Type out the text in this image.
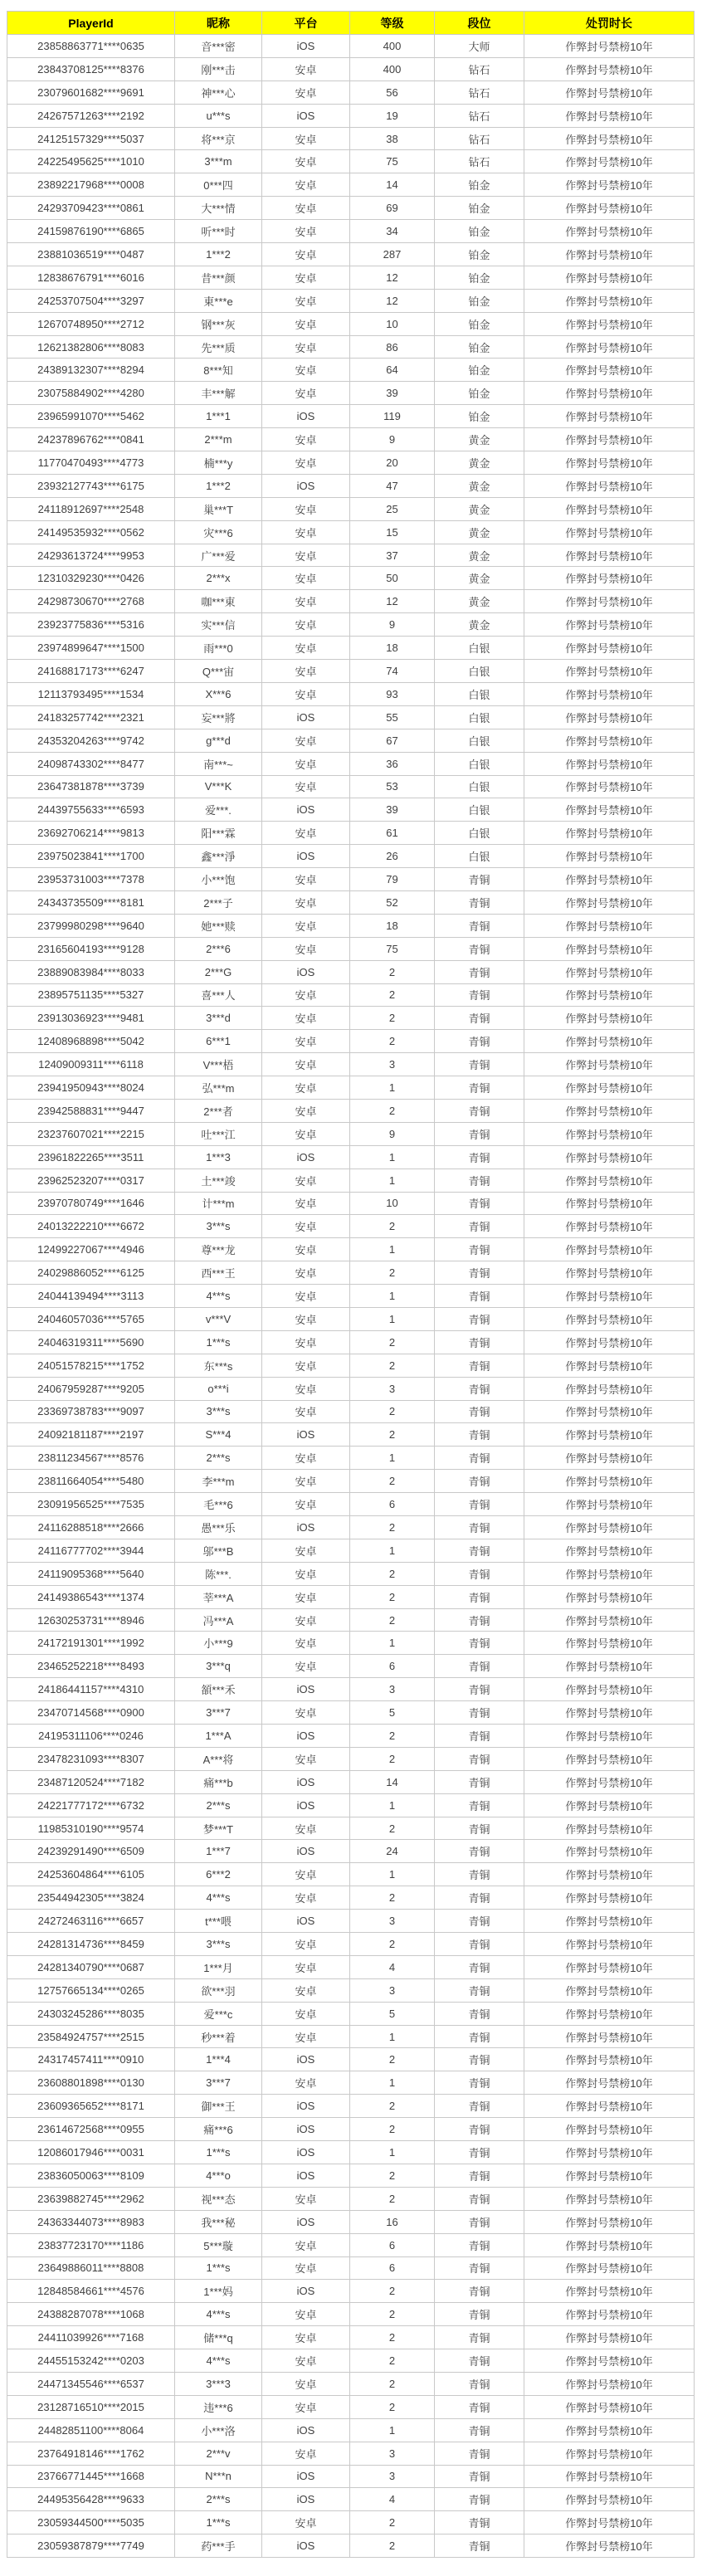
PlayerId	昵称	平台	等级	段位	处罚时长
23858863771****0635	音***密	iOS	400	大师	作弊封号禁榜10年
23843708125****8376	刚***击	安卓	400	钻石	作弊封号禁榜10年
23079601682****9691	神***心	安卓	56	钻石	作弊封号禁榜10年
24267571263****2192	u***s	iOS	19	钻石	作弊封号禁榜10年
24125157329****5037	将***京	安卓	38	钻石	作弊封号禁榜10年
24225495625****1010	3***m	安卓	75	钻石	作弊封号禁榜10年
23892217968****0008	0***四	安卓	14	铂金	作弊封号禁榜10年
24293709423****0861	大***情	安卓	69	铂金	作弊封号禁榜10年
24159876190****6865	听***时	安卓	34	铂金	作弊封号禁榜10年
23881036519****0487	1***2	安卓	287	铂金	作弊封号禁榜10年
12838676791****6016	昔***颜	安卓	12	铂金	作弊封号禁榜10年
24253707504****3297	東***e	安卓	12	铂金	作弊封号禁榜10年
12670748950****2712	钢***灰	安卓	10	铂金	作弊封号禁榜10年
12621382806****8083	先***质	安卓	86	铂金	作弊封号禁榜10年
24389132307****8294	8***知	安卓	64	铂金	作弊封号禁榜10年
23075884902****4280	丰***解	安卓	39	铂金	作弊封号禁榜10年
23965991070****5462	1***1	iOS	119	铂金	作弊封号禁榜10年
24237896762****0841	2***m	安卓	9	黄金	作弊封号禁榜10年
11770470493****4773	楠***y	安卓	20	黄金	作弊封号禁榜10年
23932127743****6175	1***2	iOS	47	黄金	作弊封号禁榜10年
24118912697****2548	巢***T	安卓	25	黄金	作弊封号禁榜10年
24149535932****0562	灾***6	安卓	15	黄金	作弊封号禁榜10年
24293613724****9953	广***爱	安卓	37	黄金	作弊封号禁榜10年
12310329230****0426	2***x	安卓	50	黄金	作弊封号禁榜10年
24298730670****2768	咖***東	安卓	12	黄金	作弊封号禁榜10年
23923775836****5316	实***信	安卓	9	黄金	作弊封号禁榜10年
23974899647****1500	雨***0	安卓	18	白银	作弊封号禁榜10年
24168817173****6247	Q***宙	安卓	74	白银	作弊封号禁榜10年
12113793495****1534	X***6	安卓	93	白银	作弊封号禁榜10年
24183257742****2321	妄***將	iOS	55	白银	作弊封号禁榜10年
24353204263****9742	g***d	安卓	67	白银	作弊封号禁榜10年
24098743302****8477	南***~	安卓	36	白银	作弊封号禁榜10年
23647381878****3739	V***K	安卓	53	白银	作弊封号禁榜10年
24439755633****6593	爱***.	iOS	39	白银	作弊封号禁榜10年
23692706214****9813	阳***霖	安卓	61	白银	作弊封号禁榜10年
23975023841****1700	鑫***淨	iOS	26	白银	作弊封号禁榜10年
23953731003****7378	小***饱	安卓	79	青铜	作弊封号禁榜10年
24343735509****8181	2***子	安卓	52	青铜	作弊封号禁榜10年
23799980298****9640	她***赎	安卓	18	青铜	作弊封号禁榜10年
23165604193****9128	2***6	安卓	75	青铜	作弊封号禁榜10年
23889083984****8033	2***G	iOS	2	青铜	作弊封号禁榜10年
23895751135****5327	喜***人	安卓	2	青铜	作弊封号禁榜10年
23913036923****9481	3***d	安卓	2	青铜	作弊封号禁榜10年
12408968898****5042	6***1	安卓	2	青铜	作弊封号禁榜10年
12409009311****6118	V***梧	安卓	3	青铜	作弊封号禁榜10年
23941950943****8024	弘***m	安卓	1	青铜	作弊封号禁榜10年
23942588831****9447	2***者	安卓	2	青铜	作弊封号禁榜10年
23237607021****2215	吐***江	安卓	9	青铜	作弊封号禁榜10年
23961822265****3511	1***3	iOS	1	青铜	作弊封号禁榜10年
23962523207****0317	土***竣	安卓	1	青铜	作弊封号禁榜10年
23970780749****1646	计***m	安卓	10	青铜	作弊封号禁榜10年
24013222210****6672	3***s	安卓	2	青铜	作弊封号禁榜10年
12499227067****4946	尊***龙	安卓	1	青铜	作弊封号禁榜10年
24029886052****6125	西***王	安卓	2	青铜	作弊封号禁榜10年
24044139494****3113	4***s	安卓	1	青铜	作弊封号禁榜10年
24046057036****5765	v***V	安卓	1	青铜	作弊封号禁榜10年
24046319311****5690	1***s	安卓	2	青铜	作弊封号禁榜10年
24051578215****1752	东***s	安卓	2	青铜	作弊封号禁榜10年
24067959287****9205	o***i	安卓	3	青铜	作弊封号禁榜10年
23369738783****9097	3***s	安卓	2	青铜	作弊封号禁榜10年
24092181187****2197	S***4	iOS	2	青铜	作弊封号禁榜10年
23811234567****8576	2***s	安卓	1	青铜	作弊封号禁榜10年
23811664054****5480	李***m	安卓	2	青铜	作弊封号禁榜10年
23091956525****7535	毛***6	安卓	6	青铜	作弊封号禁榜10年
24116288518****2666	愚***乐	iOS	2	青铜	作弊封号禁榜10年
24116777702****3944	邬***B	安卓	1	青铜	作弊封号禁榜10年
24119095368****5640	陈***.	安卓	2	青铜	作弊封号禁榜10年
24149386543****1374	莘***A	安卓	2	青铜	作弊封号禁榜10年
12630253731****8946	冯***A	安卓	2	青铜	作弊封号禁榜10年
24172191301****1992	小***9	安卓	1	青铜	作弊封号禁榜10年
23465252218****8493	3***q	安卓	6	青铜	作弊封号禁榜10年
24186441157****4310	頟***禾	iOS	3	青铜	作弊封号禁榜10年
23470714568****0900	3***7	安卓	5	青铜	作弊封号禁榜10年
24195311106****0246	1***A	iOS	2	青铜	作弊封号禁榜10年
23478231093****8307	A***将	安卓	2	青铜	作弊封号禁榜10年
23487120524****7182	痛***b	iOS	14	青铜	作弊封号禁榜10年
24221777172****6732	2***s	iOS	1	青铜	作弊封号禁榜10年
11985310190****9574	梦***T	安卓	2	青铜	作弊封号禁榜10年
24239291490****6509	1***7	iOS	24	青铜	作弊封号禁榜10年
24253604864****6105	6***2	安卓	1	青铜	作弊封号禁榜10年
23544942305****3824	4***s	安卓	2	青铜	作弊封号禁榜10年
24272463116****6657	t***喂	iOS	3	青铜	作弊封号禁榜10年
24281314736****8459	3***s	安卓	2	青铜	作弊封号禁榜10年
24281340790****0687	1***月	安卓	4	青铜	作弊封号禁榜10年
12757665134****0265	欲***羽	安卓	3	青铜	作弊封号禁榜10年
24303245286****8035	爱***c	安卓	5	青铜	作弊封号禁榜10年
23584924757****2515	秒***着	安卓	1	青铜	作弊封号禁榜10年
24317457411****0910	1***4	iOS	2	青铜	作弊封号禁榜10年
23608801898****0130	3***7	安卓	1	青铜	作弊封号禁榜10年
23609365652****8171	御***王	iOS	2	青铜	作弊封号禁榜10年
23614672568****0955	痛***6	iOS	2	青铜	作弊封号禁榜10年
12086017946****0031	1***s	iOS	1	青铜	作弊封号禁榜10年
23836050063****8109	4***o	iOS	2	青铜	作弊封号禁榜10年
23639882745****2962	视***态	安卓	2	青铜	作弊封号禁榜10年
24363344073****8983	我***秘	iOS	16	青铜	作弊封号禁榜10年
23837723170****1186	5***璇	安卓	6	青铜	作弊封号禁榜10年
23649886011****8808	1***s	安卓	6	青铜	作弊封号禁榜10年
12848584661****4576	1***妈	iOS	2	青铜	作弊封号禁榜10年
24388287078****1068	4***s	安卓	2	青铜	作弊封号禁榜10年
24411039926****7168	储***q	安卓	2	青铜	作弊封号禁榜10年
24455153242****0203	4***s	安卓	2	青铜	作弊封号禁榜10年
24471345546****6537	3***3	安卓	2	青铜	作弊封号禁榜10年
23128716510****2015	违***6	安卓	2	青铜	作弊封号禁榜10年
24482851100****8064	小***洛	iOS	1	青铜	作弊封号禁榜10年
23764918146****1762	2***v	安卓	3	青铜	作弊封号禁榜10年
23766771445****1668	N***n	iOS	3	青铜	作弊封号禁榜10年
24495356428****9633	2***s	iOS	4	青铜	作弊封号禁榜10年
23059344500****5035	1***s	安卓	2	青铜	作弊封号禁榜10年
23059387879****7749	药***手	iOS	2	青铜	作弊封号禁榜10年
